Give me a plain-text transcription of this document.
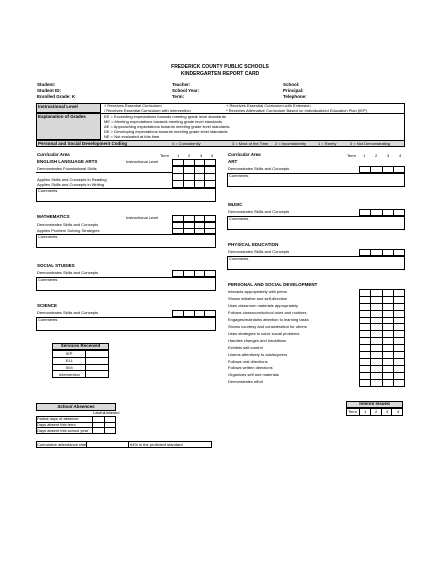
FREDERICK COUNTY PUBLIC SCHOOLS
KINDERGARTEN REPORT CARD
Student:
Student ID:
Enrolled Grade: K
Teacher:
School Year:
Term:
School:
Principal:
Telephone:
Instructional Level	√ Receives Essential Curriculum
/ Receives Essential Curriculum with Intervention
+ Receives Essential Curriculum with Extension
* Receives Alternative Curriculum Based on Individualized Education Plan (IEP)
Explanation of Grades	EE = Exceeding expectations towards meeting grade level standards
ME = Meeting expectations towards meeting grade level standards
AE = Approaching expectations towards meeting grade level standards
DE = Developing expectations towards meeting grade level standards
NE = Not evaluated at this time
Personal and Social Development Coding	4 = Consistently	3 = Most of the Time 2 = Inconsistently	1 = Rarely	0 = Not Demonstrating
Curricular Area	Term 1 2 3 4
ENGLISH LANGUAGE ARTS	Instructional Level

Demonstrates Foundational Skills
Applies Skills and Concepts in Reading
Applies Skills and Concepts in Writing

Comments
MATHEMATICS	Instructional Level

Demonstrates Skills and Concepts
Applies Problem Solving Strategies

Comments
SOCIAL STUDIES
Demonstrates Skills and Concepts

Comments
SCIENCE
Demonstrates Skills and Concepts

Comments
Services Received

IEP
ELL
504
Intervention
School Absences
Lawful Unlawful

Partial days of absence
Days absent this term
Days absent this school year

Cumulative attendance rate	94% is the proficient standard
Curricular Area	Term 1 2 3 4
ART
Demonstrates Skills and Concepts

Comments
MUSIC
Demonstrates Skills and Concepts

Comments
PHYSICAL EDUCATION
Demonstrates Skills and Concepts

Comments
PERSONAL AND SOCIAL DEVELOPMENT
Interacts appropriately with peers
Shows initiative and self-direction
Uses classroom materials appropriately
Follows classroom/school rules and routines
Engages/maintains attention to learning tasks
Shows courtesy and consideration for others
Uses strategies to solve social problems
Handles changes and transitions
Exhibits self-control
Listens attentively to adults/peers
Follows oral directions
Follows written directions
Organizes self and materials
Demonstrates effort

Interim Issued

Term 1 2 3 4
